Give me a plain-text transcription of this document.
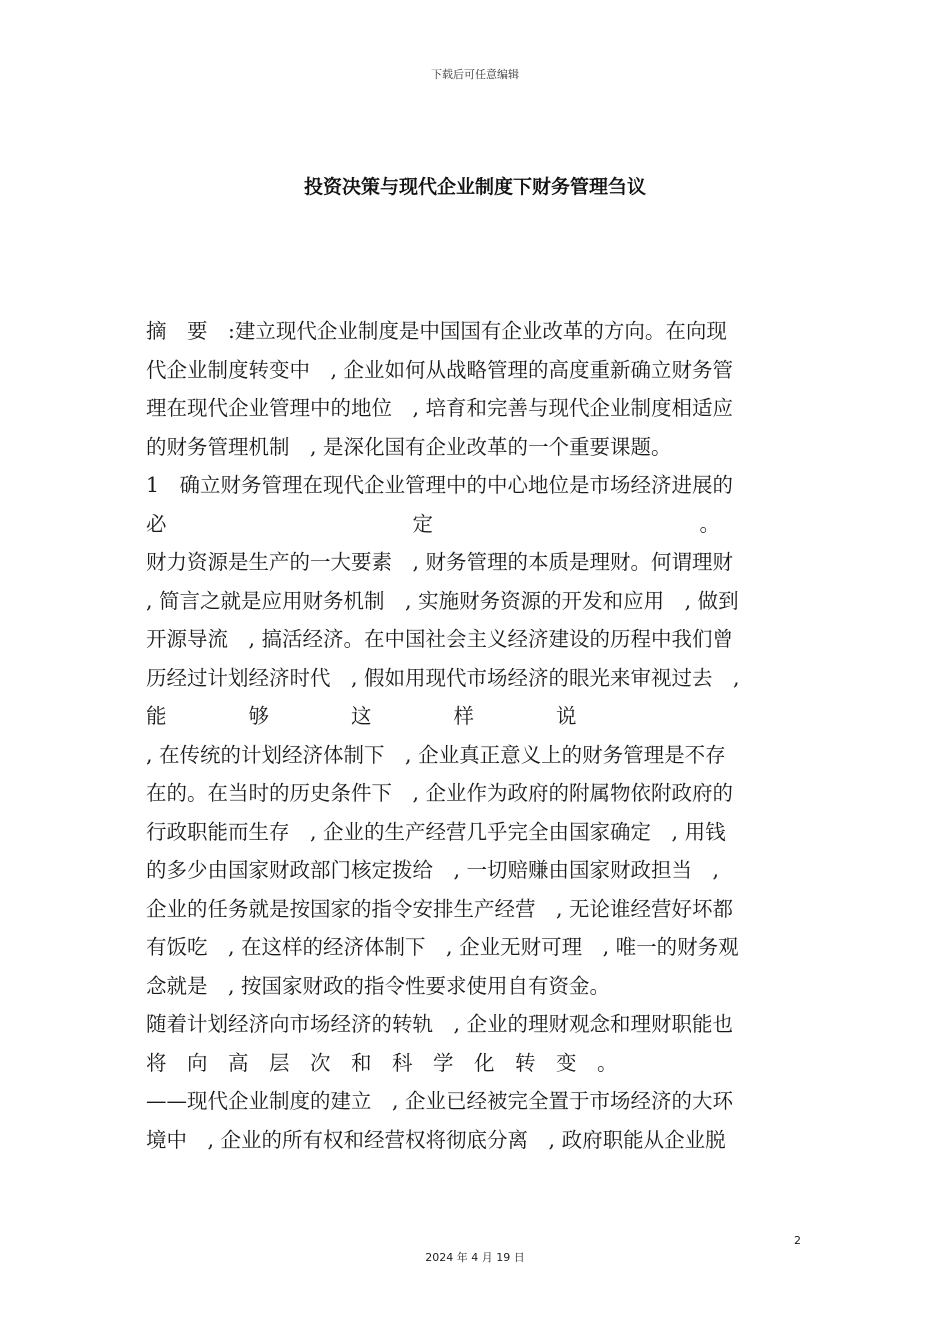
下载后可任意编辑
投资决策与现代企业制度下财务管理刍议
摘　要　:建立现代企业制度是中国国有企业改革的方向。在向现
代企业制度转变中　, 企业如何从战略管理的高度重新确立财务管
理在现代企业管理中的地位　, 培育和完善与现代企业制度相适应
的财务管理机制　, 是深化国有企业改革的一个重要课题。
1　确立财务管理在现代企业管理中的中心地位是市场经济进展的
必　　　　　　　　　　　　定　　　　　　　　　　　　　。
财力资源是生产的一大要素　, 财务管理的本质是理财。何谓理财
, 简言之就是应用财务机制　, 实施财务资源的开发和应用　, 做到
开源导流　, 搞活经济。在中国社会主义经济建设的历程中我们曾
历经过计划经济时代　, 假如用现代市场经济的眼光来审视过去　,
能　　　　够　　　　这　　　　样　　　　说
, 在传统的计划经济体制下　, 企业真正意义上的财务管理是不存
在的。在当时的历史条件下　, 企业作为政府的附属物依附政府的
行政职能而生存　, 企业的生产经营几乎完全由国家确定　, 用钱
的多少由国家财政部门核定拨给　, 一切赔赚由国家财政担当　,
企业的任务就是按国家的指令安排生产经营　, 无论谁经营好坏都
有饭吃　, 在这样的经济体制下　, 企业无财可理　, 唯一的财务观
念就是　, 按国家财政的指令性要求使用自有资金。
随着计划经济向市场经济的转轨　, 企业的理财观念和理财职能也
将　向　高　层　次　和　科　学　化　转　变　。
——现代企业制度的建立　, 企业已经被完全置于市场经济的大环
境中　, 企业的所有权和经营权将彻底分离　, 政府职能从企业脱
2
2024 年 4 月 19 日
